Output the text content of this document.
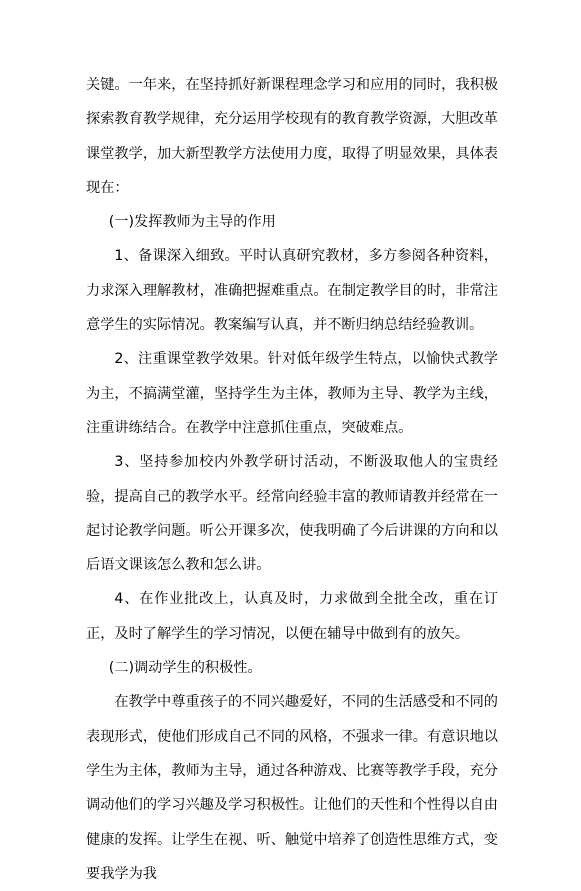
关键。一年来，在坚持抓好新课程理念学习和应用的同时，我积极探索教育教学规律，充分运用学校现有的教育教学资源，大胆改革课堂教学，加大新型教学方法使用力度，取得了明显效果，具体表现在：

(一)发挥教师为主导的作用

1、备课深入细致。平时认真研究教材，多方参阅各种资料，力求深入理解教材，准确把握难重点。在制定教学目的时，非常注意学生的实际情况。教案编写认真，并不断归纳总结经验教训。

2、注重课堂教学效果。针对低年级学生特点，以愉快式教学为主，不搞满堂灌，坚持学生为主体，教师为主导、教学为主线，注重讲练结合。在教学中注意抓住重点，突破难点。

3、坚持参加校内外教学研讨活动，不断汲取他人的宝贵经验，提高自己的教学水平。经常向经验丰富的教师请教并经常在一起讨论教学问题。听公开课多次，使我明确了今后讲课的方向和以后语文课该怎么教和怎么讲。

4、在作业批改上，认真及时，力求做到全批全改，重在订正，及时了解学生的学习情况，以便在辅导中做到有的放矢。

(二)调动学生的积极性。

在教学中尊重孩子的不同兴趣爱好，不同的生活感受和不同的表现形式，使他们形成自己不同的风格，不强求一律。有意识地以学生为主体，教师为主导，通过各种游戏、比赛等教学手段，充分调动他们的学习兴趣及学习积极性。让他们的天性和个性得以自由健康的发挥。让学生在视、听、触觉中培养了创造性思维方式，变要我学为我
